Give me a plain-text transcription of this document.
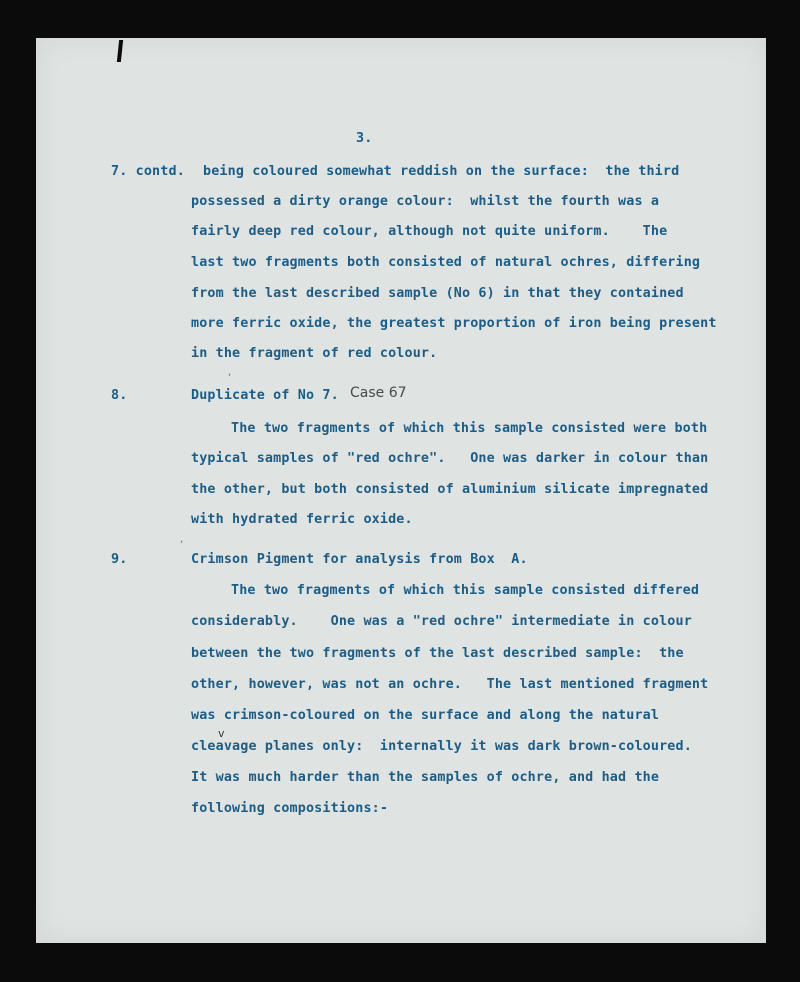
3.
7. contd. being coloured somewhat reddish on the surface:  the third
possessed a dirty orange colour:  whilst the fourth was a
fairly deep red colour, although not quite uniform.    The
last two fragments both consisted of natural ochres, differing
from the last described sample (No 6) in that they contained
more ferric oxide, the greatest proportion of iron being present
in the fragment of red colour.
,
8.	Duplicate of No 7. Case 67
The two fragments of which this sample consisted were both
typical samples of "red ochre".   One was darker in colour than
the other, but both consisted of aluminium silicate impregnated
with hydrated ferric oxide.
,
9.	Crimson Pigment for analysis from Box  A.
The two fragments of which this sample consisted differed
considerably.    One was a "red ochre" intermediate in colour
between the two fragments of the last described sample:  the
other, however, was not an ochre.   The last mentioned fragment
was crimson-coloured on the surface and along the natural
v
cleavage planes only:  internally it was dark brown-coloured.
It was much harder than the samples of ochre, and had the
following compositions:-
